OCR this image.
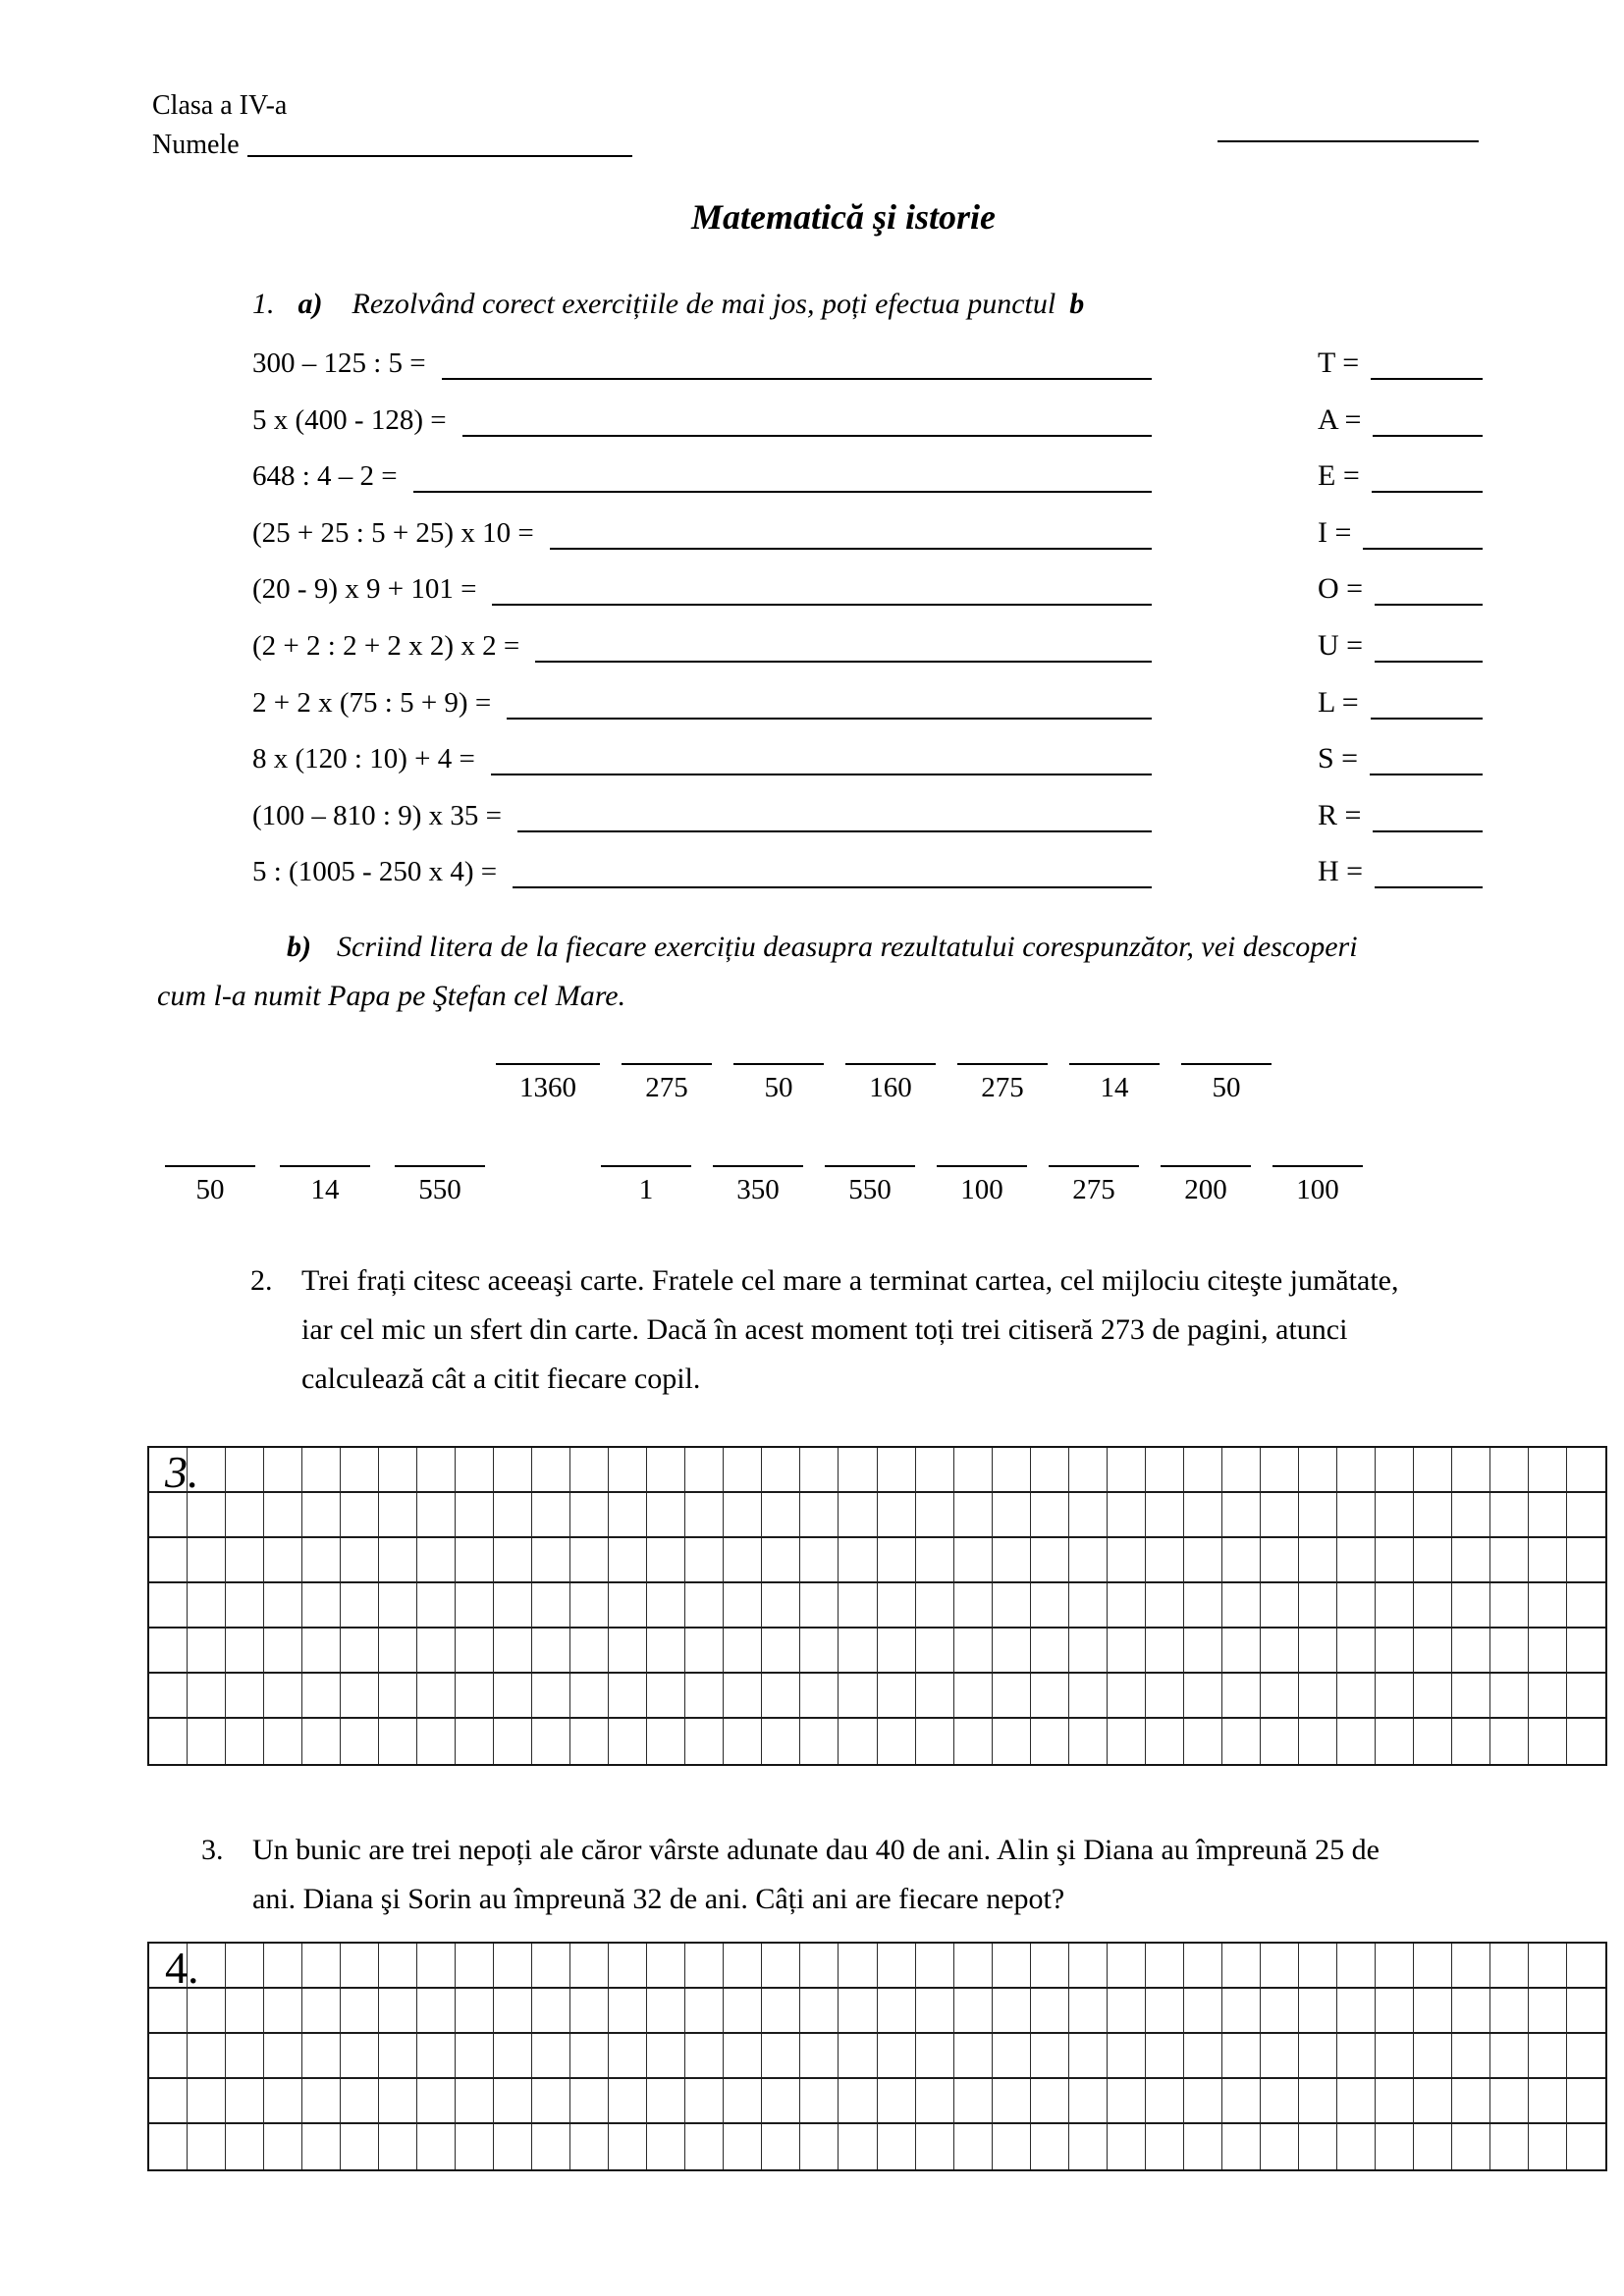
Clasa a IV-a
Numele
Matematică şi istorie
1. a) Rezolvând corect exercițiile de mai jos, poți efectua punctul b
300 – 125 : 5 =	T =
5 x (400 - 128) =	A =
648 : 4 – 2 =	E =
(25 + 25 : 5 + 25) x 10 =	I =
(20 - 9) x 9 + 101 =	O =
(2 + 2 : 2 + 2 x 2) x 2 =	U =
2 + 2 x (75 : 5 + 9) =	L =
8 x (120 : 10) + 4 =	S =
(100 – 810 : 9) x 35 =	R =
5 : (1005 - 250 x 4) =	H =
b) Scriind litera de la fiecare exercițiu deasupra rezultatului corespunzător, vei descoperi
cum l-a numit Papa pe Ştefan cel Mare.
1360	275	50	160	275	14	50
50	14	550	1	350	550	100	275	200	100
2. Trei frați citesc aceeaşi carte. Fratele cel mare a terminat cartea, cel mijlociu citeşte jumătate,
iar cel mic un sfert din carte. Dacă în acest moment toți trei citiseră 273 de pagini, atunci
calculează cât a citit fiecare copil.
3.
3. Un bunic are trei nepoți ale căror vârste adunate dau 40 de ani. Alin şi Diana au împreună 25 de
ani. Diana şi Sorin au împreună 32 de ani. Câți ani are fiecare nepot?
4.
